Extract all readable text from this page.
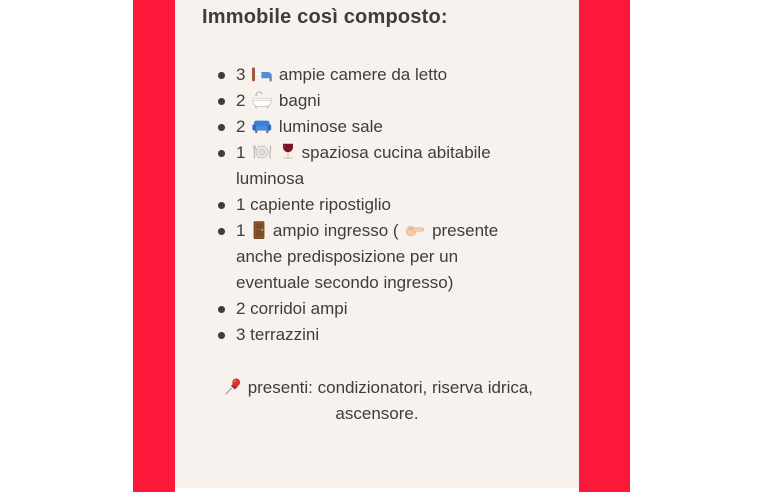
Immobile così composto:
3  ampie camere da letto
2  bagni
2  luminose sale
1	spaziosa cucina abitabile
luminosa
1 capiente ripostiglio
1  ampio ingresso (  presente
anche predisposizione per un
eventuale secondo ingresso)
2 corridoi ampi
3 terrazzini
presenti: condizionatori, riserva idrica,
ascensore.
